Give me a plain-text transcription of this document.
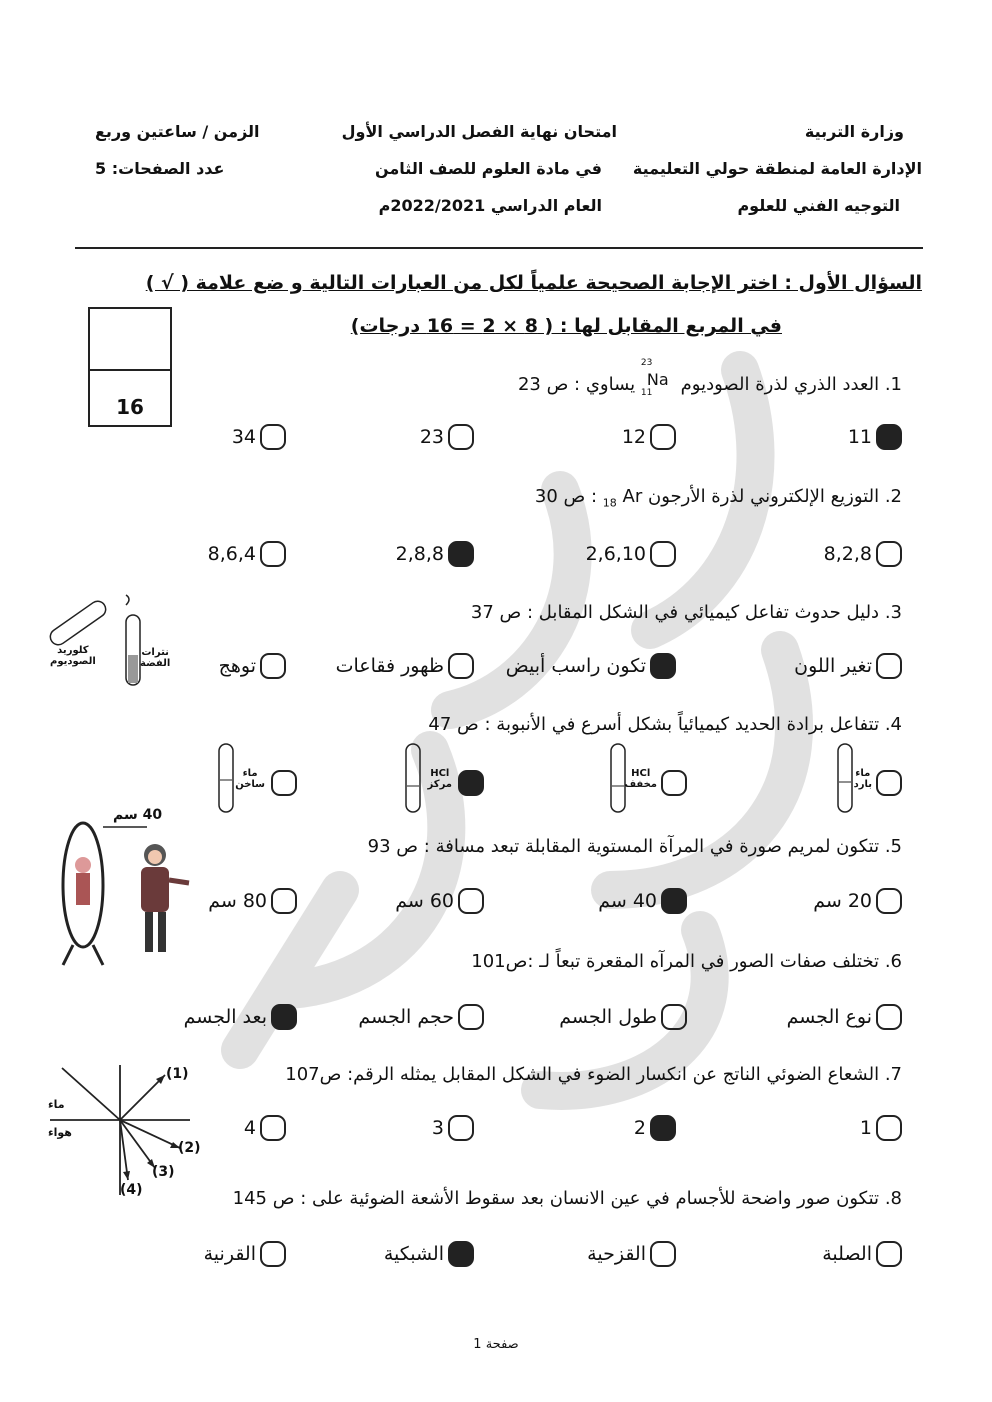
وزارة التربية
الإدارة العامة لمنطقة حولي التعليمية
التوجيه الفني للعلوم
امتحان نهاية الفصل الدراسي الأول
في مادة العلوم للصف الثامن
العام الدراسي 2022/2021م
الزمن / ساعتين وربع
عدد الصفحات: 5
السؤال الأول : اختر الإجابة الصحيحة علمياً لكل من العبارات التالية و ضع علامة ( √ )
في المربع المقابل لها : ( 8 × 2 = 16 درجات)
16
1. العدد الذري لذرة الصوديوم
23
Na
11
يساوي : ص 23
11
12
23
34
2. التوزيع الإلكتروني لذرة الأرجون $_{18}$ Ar : ص 30
8,2,8
2,6,10
2,8,8
8,6,4
3. دليل حدوث تفاعل كيميائي في الشكل المقابل : ص 37
تغير اللون
تكون راسب أبيض
ظهور فقاعات
توهج
كلوريد
الصوديوم
نترات
الفضة
4. تتفاعل برادة الحديد كيميائياً بشكل أسرع في الأنبوبة : ص 47
ماء
بارد
HCl
مخفف
HCl
مركز
ماء
ساخن
5. تتكون لمريم صورة في المرآة المستوية المقابلة تبعد مسافة : ص 93
20 سم
40 سم
60 سم
80 سم
40 سم
6. تختلف صفات الصور في المرآه المقعرة تبعاً لـ :ص101
نوع الجسم
طول الجسم
حجم الجسم
بعد الجسم
7. الشعاع الضوئي الناتج عن انكسار الضوء في الشكل المقابل يمثله الرقم: ص107
1
2
3
4
ماء
هواء
(1)
(2)
(3)
(4)	8. تتكون صور واضحة للأجسام في عين الانسان بعد سقوط الأشعة الضوئية على : ص 145
الصلبة
القزحية
الشبكية
القرنية
صفحة 1
